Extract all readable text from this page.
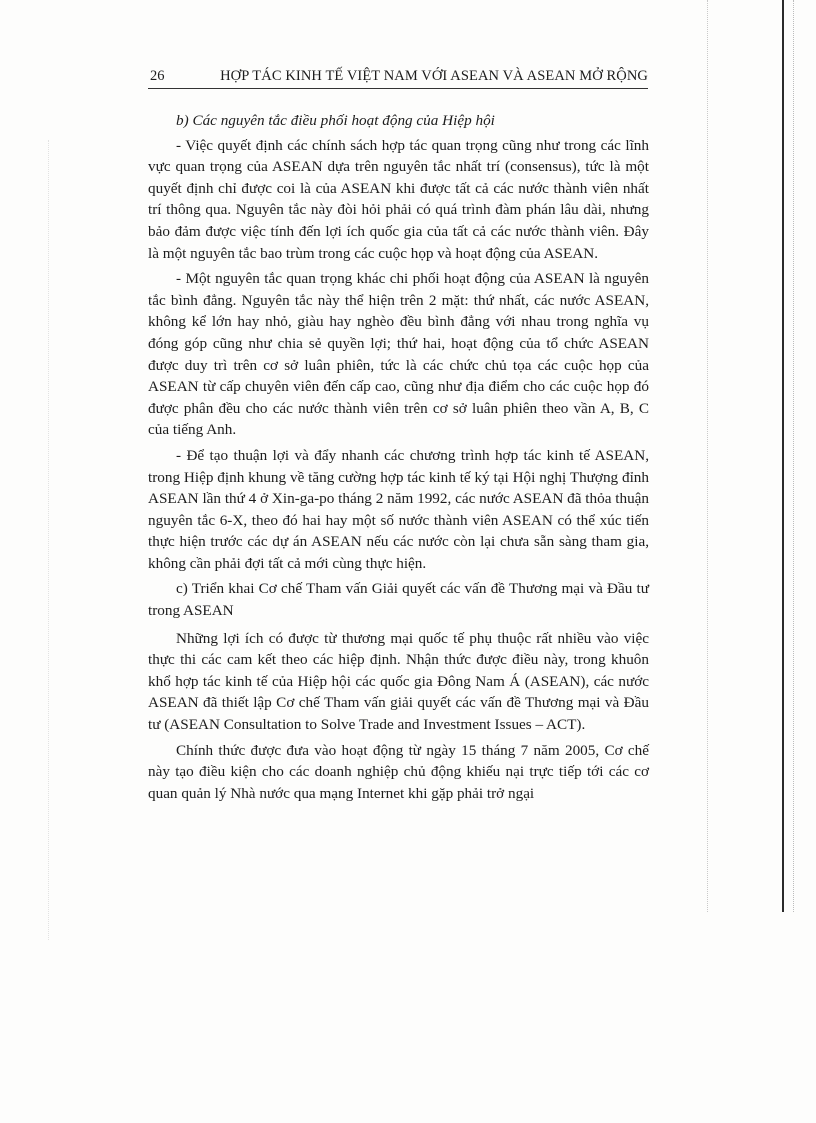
26	HỢP TÁC KINH TẾ VIỆT NAM VỚI ASEAN VÀ ASEAN MỞ RỘNG

b) Các nguyên tắc điều phối hoạt động của Hiệp hội

- Việc quyết định các chính sách hợp tác quan trọng cũng như trong các lĩnh vực quan trọng của ASEAN dựa trên nguyên tắc nhất trí (consensus), tức là một quyết định chỉ được coi là của ASEAN khi được tất cả các nước thành viên nhất trí thông qua. Nguyên tắc này đòi hỏi phải có quá trình đàm phán lâu dài, nhưng bảo đảm được việc tính đến lợi ích quốc gia của tất cả các nước thành viên. Đây là một nguyên tắc bao trùm trong các cuộc họp và hoạt động của ASEAN.

- Một nguyên tắc quan trọng khác chi phối hoạt động của ASEAN là nguyên tắc bình đẳng. Nguyên tắc này thể hiện trên 2 mặt: thứ nhất, các nước ASEAN, không kể lớn hay nhỏ, giàu hay nghèo đều bình đẳng với nhau trong nghĩa vụ đóng góp cũng như chia sẻ quyền lợi; thứ hai, hoạt động của tổ chức ASEAN được duy trì trên cơ sở luân phiên, tức là các chức chủ tọa các cuộc họp của ASEAN từ cấp chuyên viên đến cấp cao, cũng như địa điểm cho các cuộc họp đó được phân đều cho các nước thành viên trên cơ sở luân phiên theo vần A, B, C của tiếng Anh.

- Để tạo thuận lợi và đẩy nhanh các chương trình hợp tác kinh tế ASEAN, trong Hiệp định khung về tăng cường hợp tác kinh tế ký tại Hội nghị Thượng đỉnh ASEAN lần thứ 4 ở Xin-ga-po tháng 2 năm 1992, các nước ASEAN đã thỏa thuận nguyên tắc 6-X, theo đó hai hay một số nước thành viên ASEAN có thể xúc tiến thực hiện trước các dự án ASEAN nếu các nước còn lại chưa sẵn sàng tham gia, không cần phải đợi tất cả mới cùng thực hiện.

c) Triển khai Cơ chế Tham vấn Giải quyết các vấn đề Thương mại và Đầu tư trong ASEAN

Những lợi ích có được từ thương mại quốc tế phụ thuộc rất nhiều vào việc thực thi các cam kết theo các hiệp định. Nhận thức được điều này, trong khuôn khổ hợp tác kinh tế của Hiệp hội các quốc gia Đông Nam Á (ASEAN), các nước ASEAN đã thiết lập Cơ chế Tham vấn giải quyết các vấn đề Thương mại và Đầu tư (ASEAN Consultation to Solve Trade and Investment Issues – ACT).

Chính thức được đưa vào hoạt động từ ngày 15 tháng 7 năm 2005, Cơ chế này tạo điều kiện cho các doanh nghiệp chủ động khiếu nại trực tiếp tới các cơ quan quản lý Nhà nước qua mạng Internet khi gặp phải trở ngại
